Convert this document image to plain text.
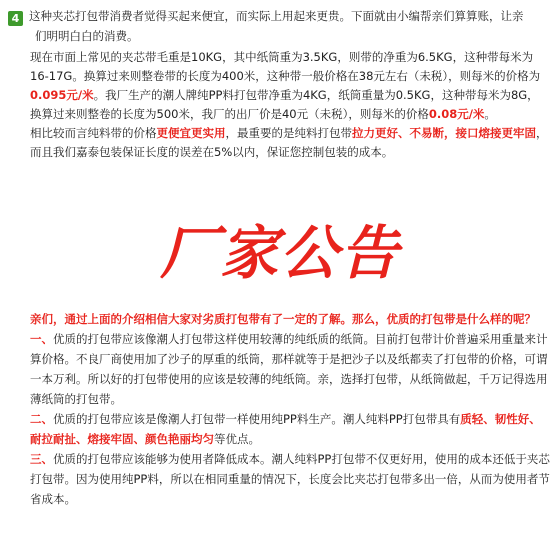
4 这种夹芯打包带消费者觉得买起来便宜，而实际上用起来更贵。下面就由小编帮亲们算算账，让亲

们明明白白的消费。

现在市面上常见的夹芯带毛重是10KG，其中纸筒重为3.5KG，则带的净重为6.5KG，这种带每米为16-17G。换算过来则整卷带的长度为400米，这种带一般价格在38元左右（未税），则每米的价格为0.095元/米。我厂生产的潮人牌纯PP料打包带净重为4KG，纸筒重量为0.5KG，这种带每米为8G，换算过来则整卷的长度为500米，我厂的出厂价是40元（未税），则每米的价格0.08元/米。

相比较而言纯料带的价格更便宜更实用，最重要的是纯料打包带拉力更好、不易断，接口熔接更牢固，而且我们嘉泰包装保证长度的误差在5%以内，保证您控制包装的成本。

厂家公告

亲们，通过上面的介绍相信大家对劣质打包带有了一定的了解。那么，优质的打包带是什么样的呢？

一、优质的打包带应该像潮人打包带这样使用较薄的纯纸质的纸筒。目前打包带计价普遍采用重量来计算价格。不良厂商使用加了沙子的厚重的纸筒，那样就等于是把沙子以及纸都卖了打包带的价格，可谓一本万利。所以好的打包带使用的应该是较薄的纯纸筒。亲，选择打包带，从纸筒做起，千万记得选用薄纸筒的打包带。

二、优质的打包带应该是像潮人打包带一样使用纯PP料生产。潮人纯料PP打包带具有质轻、韧性好、耐拉耐扯、熔接牢固、颜色艳丽均匀等优点。

三、优质的打包带应该能够为使用者降低成本。潮人纯料PP打包带不仅更好用，使用的成本还低于夹芯打包带。因为使用纯PP料，所以在相同重量的情况下，长度会比夹芯打包带多出一倍，从而为使用者节省成本。
